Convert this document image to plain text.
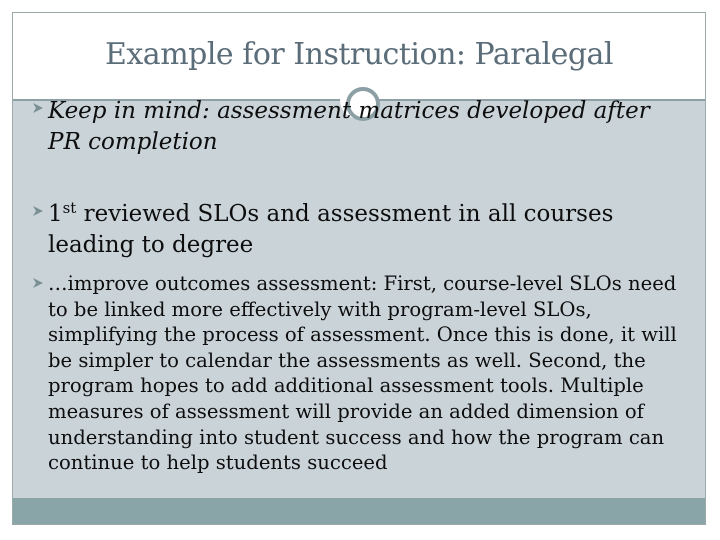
Example for Instruction: Paralegal
Keep in mind: assessment matrices developed after PR completion
1st reviewed SLOs and assessment in all courses leading to degree
…improve outcomes assessment: First, course-level SLOs need to be linked more effectively with program-level SLOs, simplifying the process of assessment. Once this is done, it will be simpler to calendar the assessments as well. Second, the program hopes to add additional assessment tools. Multiple measures of assessment will provide an added dimension of understanding into student success and how the program can continue to help students succeed
